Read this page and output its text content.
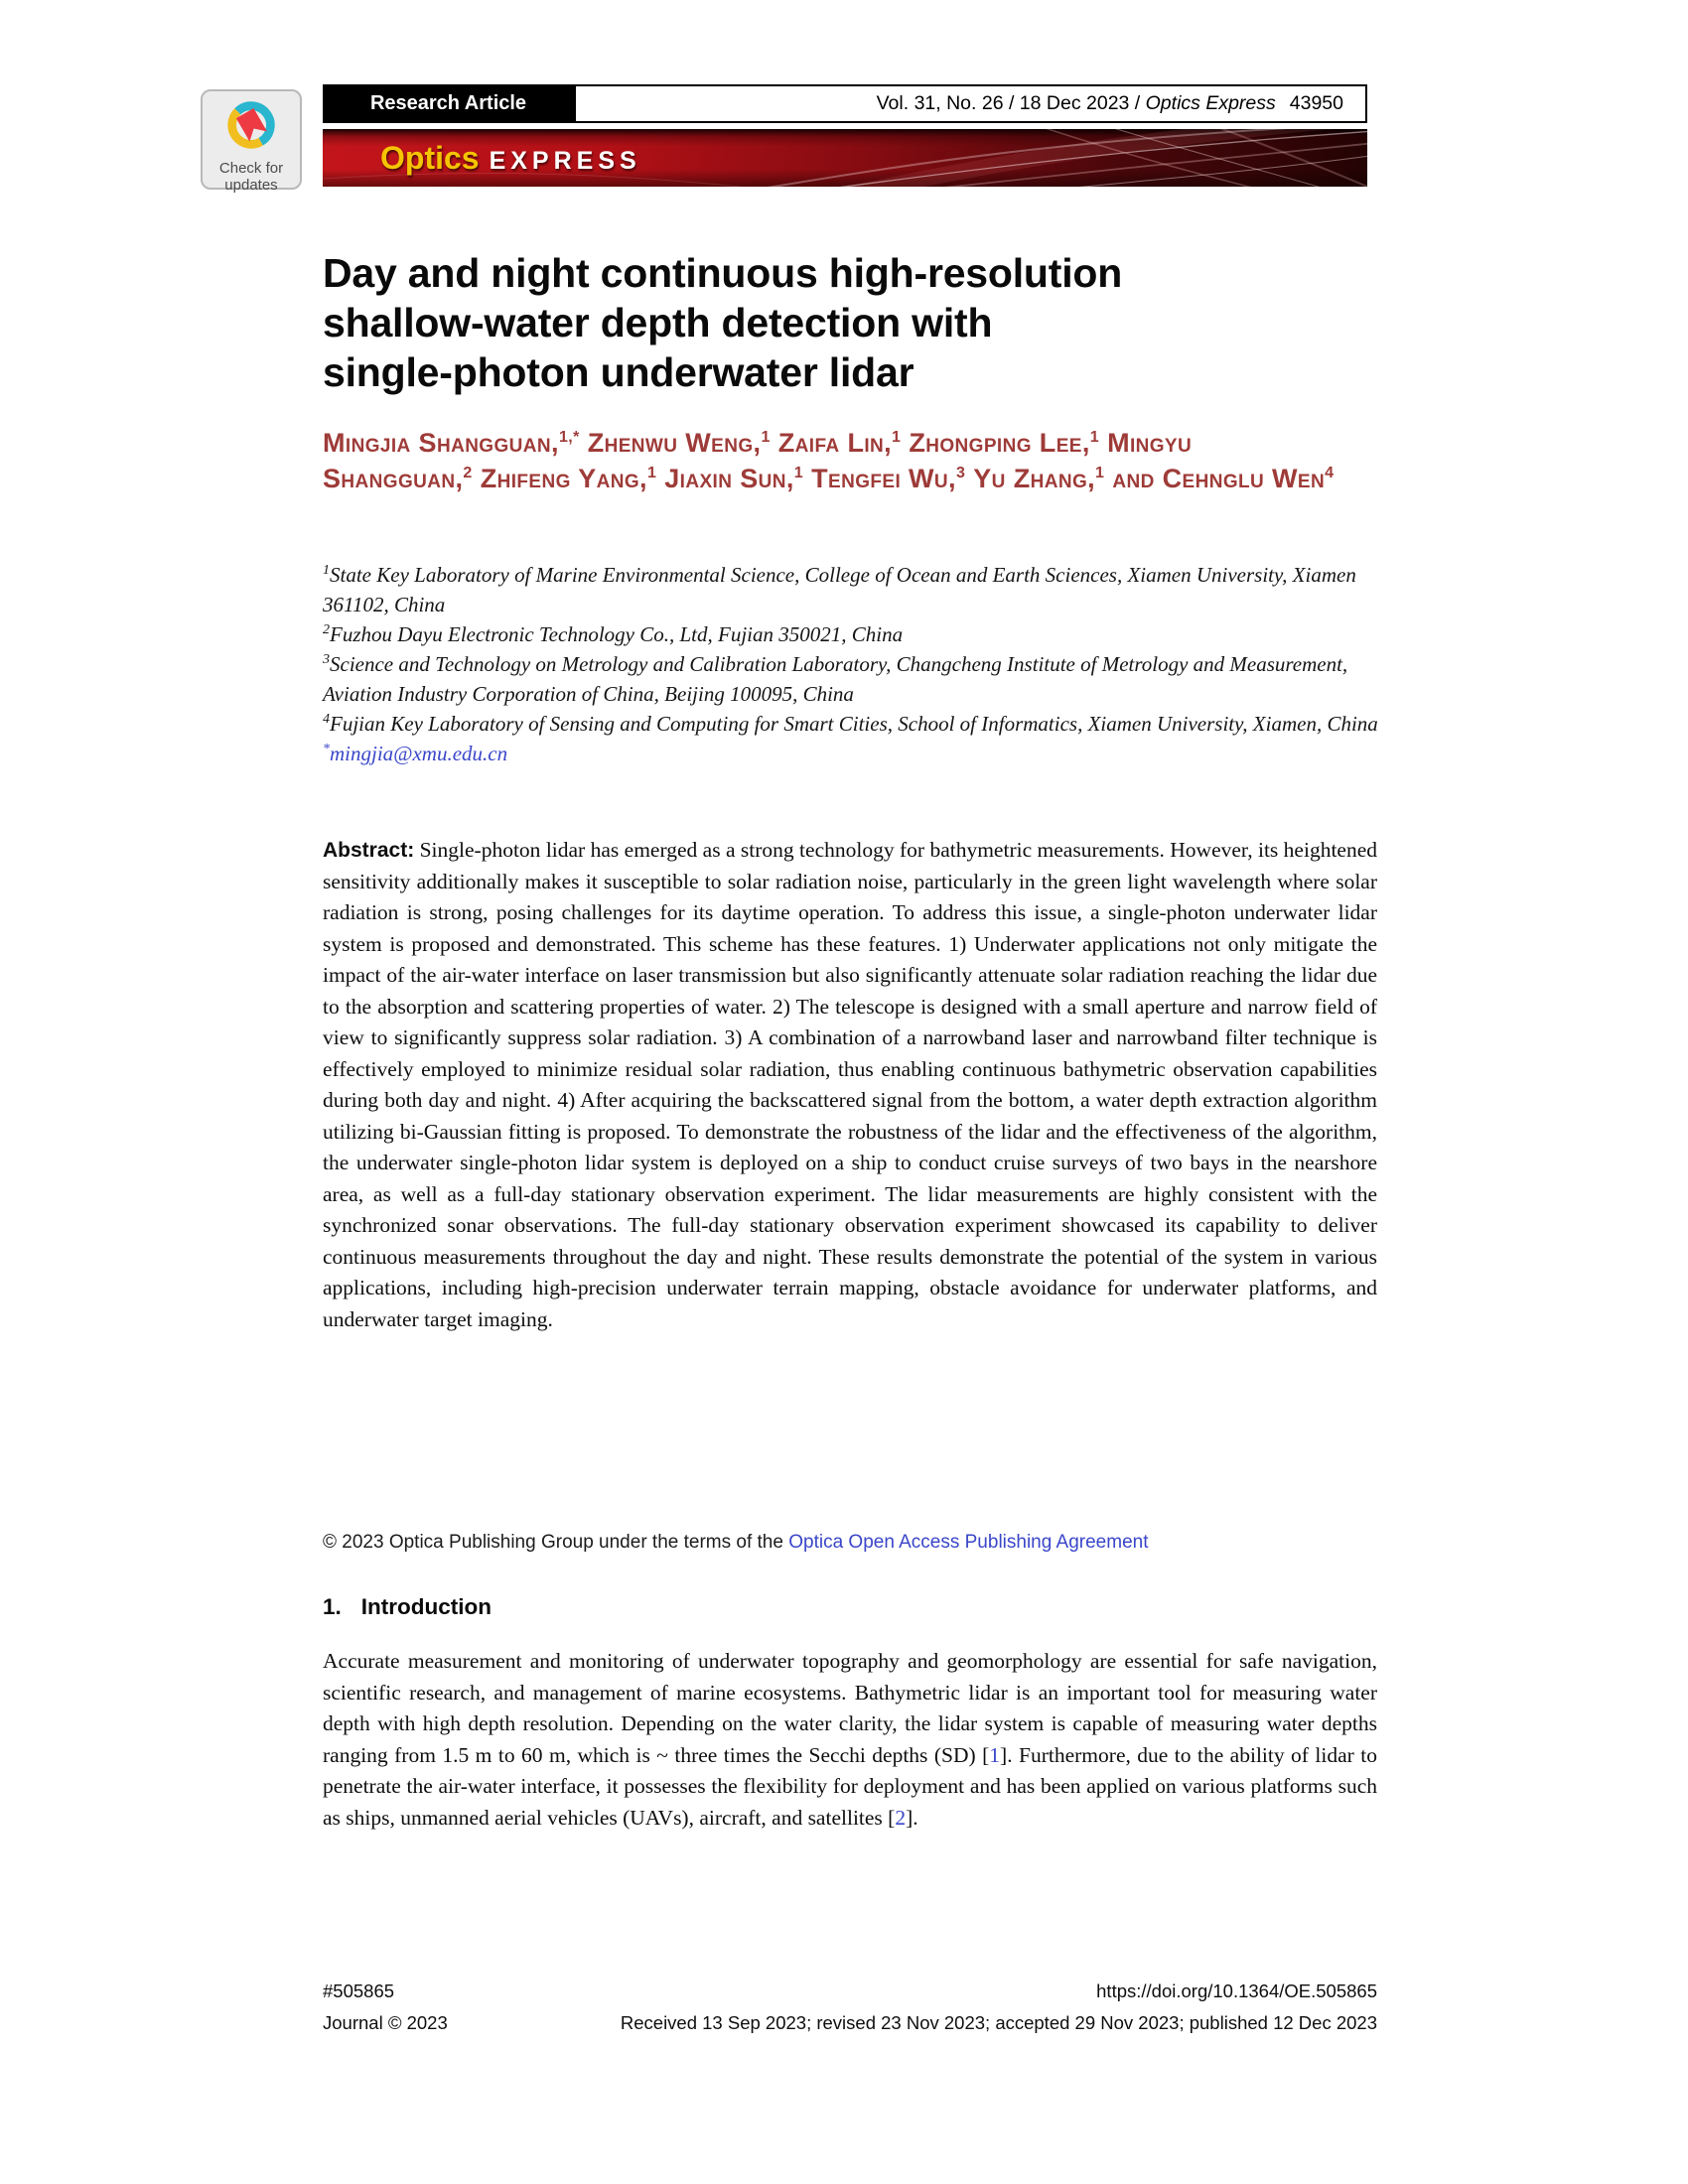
Check for
updates
Research Article	Vol. 31, No. 26 / 18 Dec 2023 / Optics Express 43950
Optics EXPRESS
Day and night continuous high-resolution
shallow-water depth detection with
single-photon underwater lidar
Mingjia Shangguan,$^{1,*}$ Zhenwu Weng,$^1$ Zaifa Lin,$^1$ Zhongping Lee,$^1$ Mingyu Shangguan,$^2$ Zhifeng Yang,$^1$ Jiaxin Sun,$^1$ Tengfei Wu,$^3$ Yu Zhang,$^1$ and Cehnglu Wen$^4$
$^1$State Key Laboratory of Marine Environmental Science, College of Ocean and Earth Sciences, Xiamen University, Xiamen 361102, China
$^2$Fuzhou Dayu Electronic Technology Co., Ltd, Fujian 350021, China
$^3$Science and Technology on Metrology and Calibration Laboratory, Changcheng Institute of Metrology and Measurement, Aviation Industry Corporation of China, Beijing 100095, China
$^4$Fujian Key Laboratory of Sensing and Computing for Smart Cities, School of Informatics, Xiamen University, Xiamen, China
*mingjia@xmu.edu.cn
Abstract: Single-photon lidar has emerged as a strong technology for bathymetric measurements. However, its heightened sensitivity additionally makes it susceptible to solar radiation noise, particularly in the green light wavelength where solar radiation is strong, posing challenges for its daytime operation. To address this issue, a single-photon underwater lidar system is proposed and demonstrated. This scheme has these features. 1) Underwater applications not only mitigate the impact of the air-water interface on laser transmission but also significantly attenuate solar radiation reaching the lidar due to the absorption and scattering properties of water. 2) The telescope is designed with a small aperture and narrow field of view to significantly suppress solar radiation. 3) A combination of a narrowband laser and narrowband filter technique is effectively employed to minimize residual solar radiation, thus enabling continuous bathymetric observation capabilities during both day and night. 4) After acquiring the backscattered signal from the bottom, a water depth extraction algorithm utilizing bi-Gaussian fitting is proposed. To demonstrate the robustness of the lidar and the effectiveness of the algorithm, the underwater single-photon lidar system is deployed on a ship to conduct cruise surveys of two bays in the nearshore area, as well as a full-day stationary observation experiment. The lidar measurements are highly consistent with the synchronized sonar observations. The full-day stationary observation experiment showcased its capability to deliver continuous measurements throughout the day and night. These results demonstrate the potential of the system in various applications, including high-precision underwater terrain mapping, obstacle avoidance for underwater platforms, and underwater target imaging.
© 2023 Optica Publishing Group under the terms of the Optica Open Access Publishing Agreement
1. Introduction
Accurate measurement and monitoring of underwater topography and geomorphology are essential for safe navigation, scientific research, and management of marine ecosystems. Bathymetric lidar is an important tool for measuring water depth with high depth resolution. Depending on the water clarity, the lidar system is capable of measuring water depths ranging from 1.5 m to 60 m, which is ~ three times the Secchi depths (SD) [1]. Furthermore, due to the ability of lidar to penetrate the air-water interface, it possesses the flexibility for deployment and has been applied on various platforms such as ships, unmanned aerial vehicles (UAVs), aircraft, and satellites [2].
#505865	https://doi.org/10.1364/OE.505865
Journal © 2023	Received 13 Sep 2023; revised 23 Nov 2023; accepted 29 Nov 2023; published 12 Dec 2023
